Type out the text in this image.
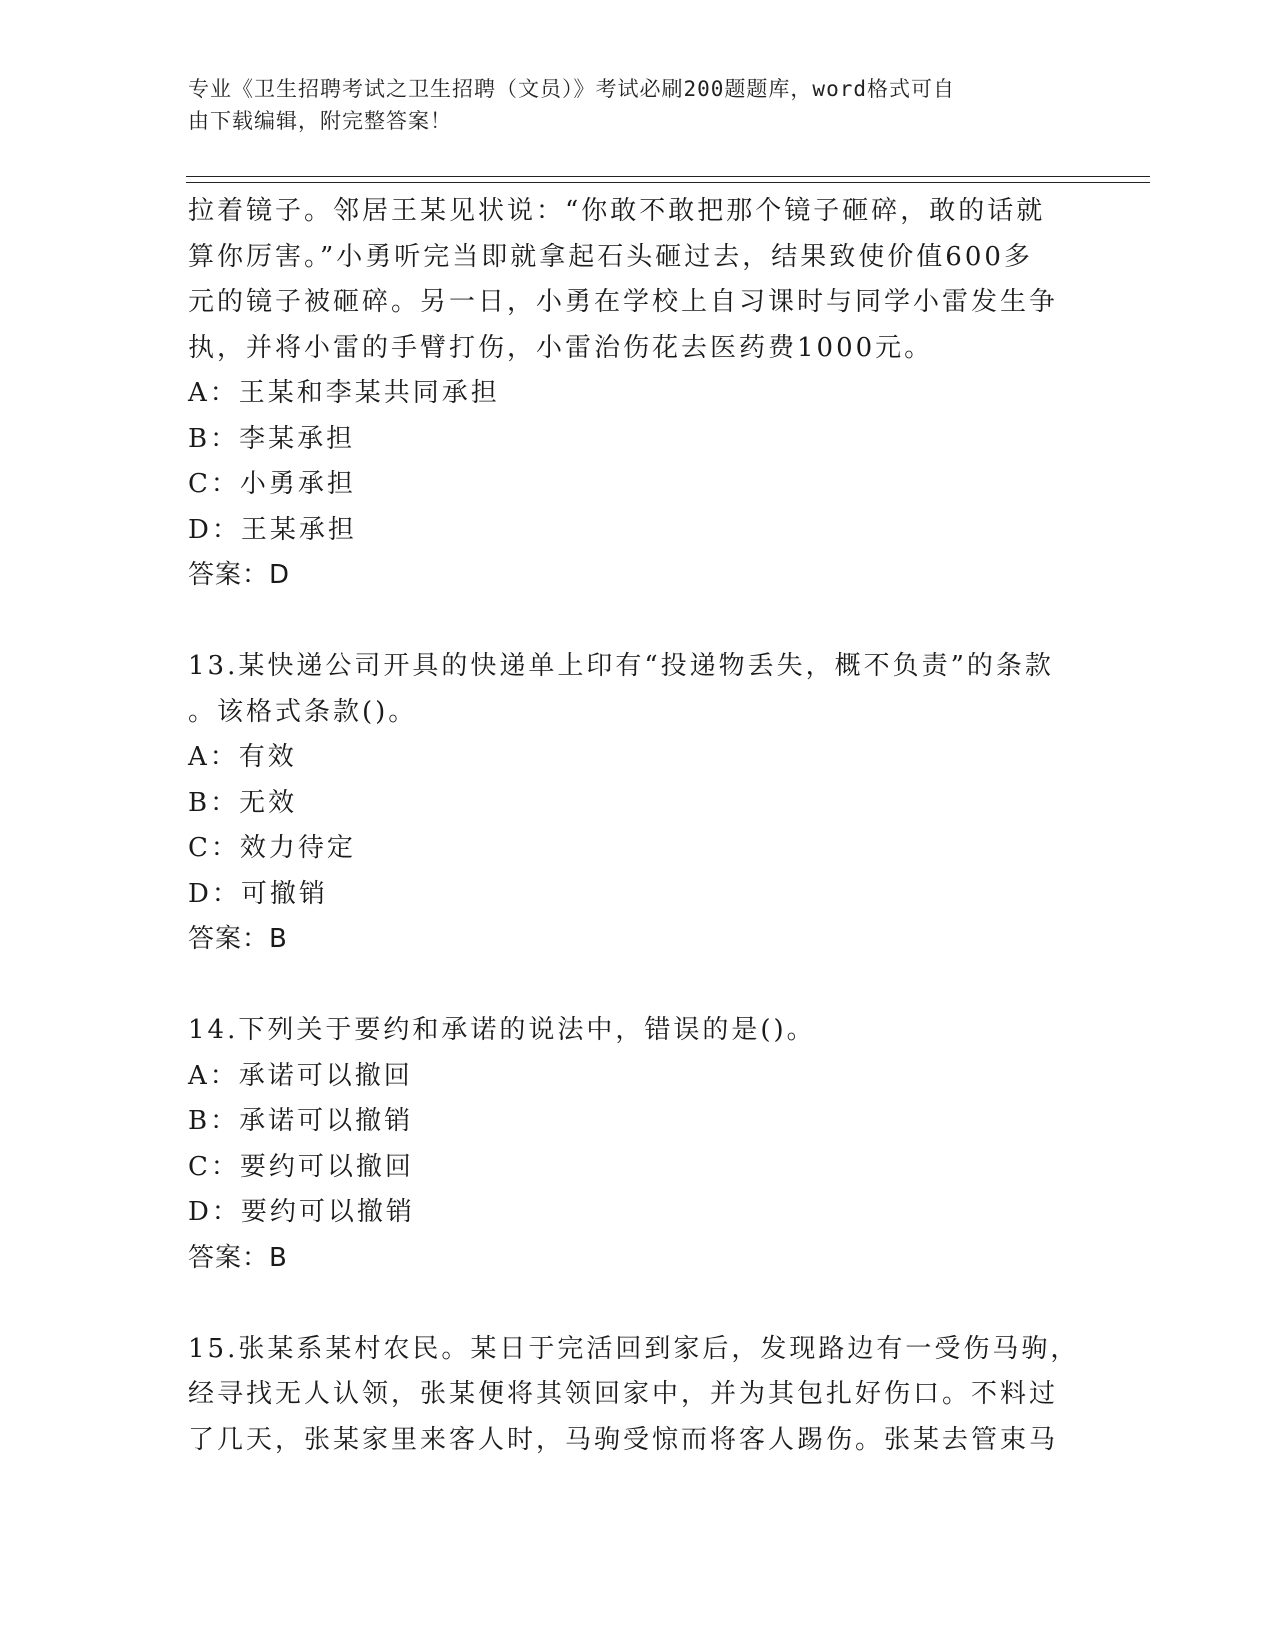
专业《卫生招聘考试之卫生招聘（文员）》考试必刷200题题库，word格式可自
由下载编辑，附完整答案！
拉着镜子。邻居王某见状说：“你敢不敢把那个镜子砸碎，敢的话就
算你厉害。”小勇听完当即就拿起石头砸过去，结果致使价值600多
元的镜子被砸碎。另一日，小勇在学校上自习课时与同学小雷发生争
执，并将小雷的手臂打伤，小雷治伤花去医药费1000元。
A：王某和李某共同承担
B：李某承担
C：小勇承担
D：王某承担
答案：D
13.某快递公司开具的快递单上印有“投递物丢失，概不负责”的条款
。该格式条款()。
A：有效
B：无效
C：效力待定
D：可撤销
答案：B
14.下列关于要约和承诺的说法中，错误的是()。
A：承诺可以撤回
B：承诺可以撤销
C：要约可以撤回
D：要约可以撤销
答案：B
15.张某系某村农民。某日于完活回到家后，发现路边有一受伤马驹，
经寻找无人认领，张某便将其领回家中，并为其包扎好伤口。不料过
了几天，张某家里来客人时，马驹受惊而将客人踢伤。张某去管束马
